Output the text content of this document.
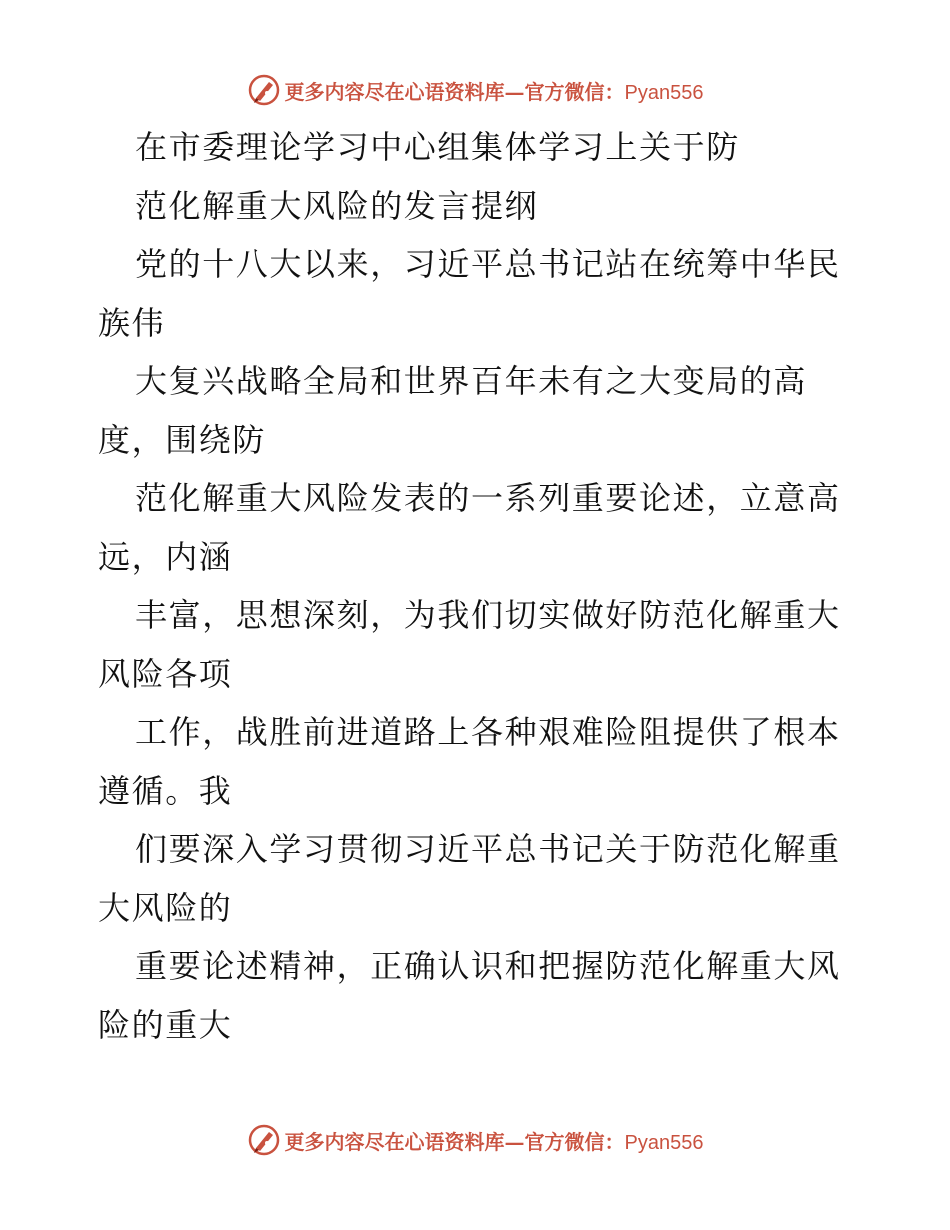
更多内容尽在心语资料库—官方微信：Pyan556
在市委理论学习中心组集体学习上关于防
范化解重大风险的发言提纲
党的十八大以来，习近平总书记站在统筹中华民
族伟
大复兴战略全局和世界百年未有之大变局的高
度，围绕防
范化解重大风险发表的一系列重要论述，立意高
远，内涵
丰富，思想深刻，为我们切实做好防范化解重大
风险各项
工作，战胜前进道路上各种艰难险阻提供了根本
遵循。我
们要深入学习贯彻习近平总书记关于防范化解重
大风险的
重要论述精神，正确认识和把握防范化解重大风
险的重大
更多内容尽在心语资料库—官方微信：Pyan556
